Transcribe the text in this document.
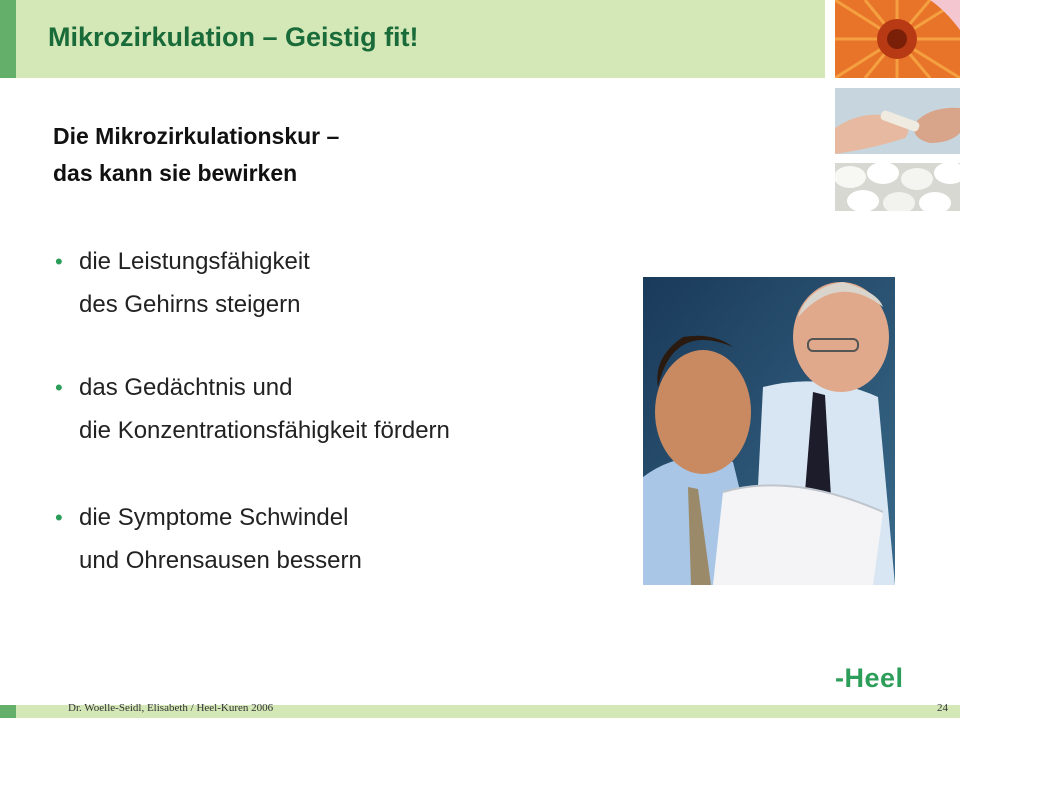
Mikrozirkulation – Geistig fit!
Die Mikrozirkulationskur –
das kann sie bewirken
• die Leistungsfähigkeit
des Gehirns steigern
• das Gedächtnis und
die Konzentrationsfähigkeit fördern
• die Symptome Schwindel
und Ohrensausen bessern
-Heel
Dr. Woelle-Seidl, Elisabeth / Heel-Kuren 2006	24
